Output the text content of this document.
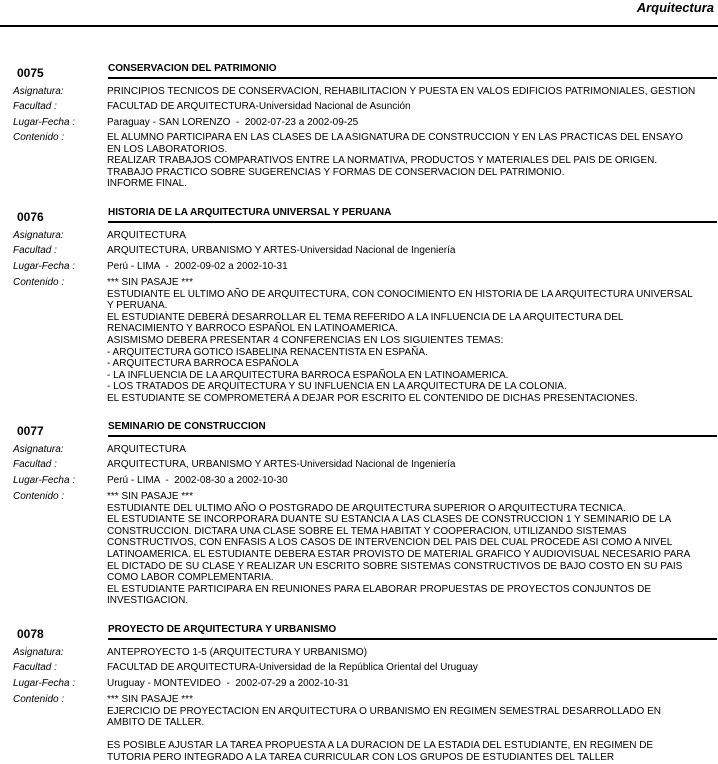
Arquitectura
0075	CONSERVACION DEL PATRIMONIO
Asignatura:	PRINCIPIOS TECNICOS DE CONSERVACION, REHABILITACION Y PUESTA EN VALOS EDIFICIOS PATRIMONIALES, GESTION
Facultad :	FACULTAD DE ARQUITECTURA-Universidad Nacional de Asunción
Lugar-Fecha :	Paraguay - SAN LORENZO  -  2002-07-23 a 2002-09-25
Contenido :	EL ALUMNO PARTICIPARA EN LAS CLASES DE LA ASIGNATURA DE CONSTRUCCION Y EN LAS PRACTICAS DEL ENSAYO
EN LOS LABORATORIOS.
REALIZAR TRABAJOS COMPARATIVOS ENTRE LA NORMATIVA, PRODUCTOS Y MATERIALES DEL PAIS DE ORIGEN.
TRABAJO PRACTICO SOBRE SUGERENCIAS Y FORMAS DE CONSERVACION DEL PATRIMONIO.
INFORME FINAL.
0076	HISTORIA DE LA ARQUITECTURA UNIVERSAL Y PERUANA
Asignatura:	ARQUITECTURA
Facultad :	ARQUITECTURA, URBANISMO Y ARTES-Universidad Nacional de Ingeniería
Lugar-Fecha :	Perú - LIMA  -  2002-09-02 a 2002-10-31
Contenido :	*** SIN PASAJE ***
ESTUDIANTE EL ULTIMO AÑO DE ARQUITECTURA, CON CONOCIMIENTO EN HISTORIA DE LA ARQUITECTURA UNIVERSAL
Y PERUANA.
EL ESTUDIANTE DEBERÁ DESARROLLAR EL TEMA REFERIDO A LA INFLUENCIA DE LA ARQUITECTURA DEL
RENACIMIENTO Y BARROCO ESPAÑOL EN LATINOAMERICA.
ASISMISMO DEBERA PRESENTAR 4 CONFERENCIAS EN LOS SIGUIENTES TEMAS:
- ARQUITECTURA GOTICO ISABELINA RENACENTISTA EN ESPAÑA.
- ARQUITECTURA BARROCA ESPAÑOLA
- LA INFLUENCIA DE LA ARQUITECTURA BARROCA ESPAÑOLA EN LATINOAMERICA.
- LOS TRATADOS DE ARQUITECTURA Y SU INFLUENCIA EN LA ARQUITECTURA DE LA COLONIA.
EL ESTUDIANTE SE COMPROMETERÁ A DEJAR POR ESCRITO EL CONTENIDO DE DICHAS PRESENTACIONES.
0077	SEMINARIO DE CONSTRUCCION
Asignatura:	ARQUITECTURA
Facultad :	ARQUITECTURA, URBANISMO Y ARTES-Universidad Nacional de Ingeniería
Lugar-Fecha :	Perú - LIMA  -  2002-08-30 a 2002-10-30
Contenido :	*** SIN PASAJE ***
ESTUDIANTE DEL ULTIMO AÑO O POSTGRADO DE ARQUITECTURA SUPERIOR O ARQUITECTURA TECNICA.
EL ESTUDIANTE SE INCORPORARA DUANTE SU ESTANCIA A LAS CLASES DE CONSTRUCCION 1 Y SEMINARIO DE LA
CONSTRUCCION. DICTARA UNA CLASE SOBRE EL TEMA HABITAT Y COOPERACION, UTILIZANDO SISTEMAS
CONSTRUCTIVOS, CON ENFASIS A LOS CASOS DE INTERVENCION DEL PAIS DEL CUAL PROCEDE ASI COMO A NIVEL
LATINOAMERICA. EL ESTUDIANTE DEBERA ESTAR PROVISTO DE MATERIAL GRAFICO Y AUDIOVISUAL NECESARIO PARA
EL DICTADO DE SU CLASE Y REALIZAR UN ESCRITO SOBRE SISTEMAS CONSTRUCTIVOS DE BAJO COSTO EN SU PAIS
COMO LABOR COMPLEMENTARIA.
EL ESTUDIANTE PARTICIPARA EN REUNIONES PARA ELABORAR PROPUESTAS DE PROYECTOS CONJUNTOS DE
INVESTIGACION.
0078	PROYECTO DE ARQUITECTURA Y URBANISMO
Asignatura:	ANTEPROYECTO 1-5 (ARQUITECTURA Y URBANISMO)
Facultad :	FACULTAD DE ARQUITECTURA-Universidad de la República Oriental del Uruguay
Lugar-Fecha :	Uruguay - MONTEVIDEO  -  2002-07-29 a 2002-10-31
Contenido :	*** SIN PASAJE ***
EJERCICIO DE PROYECTACION EN ARQUITECTURA O URBANISMO EN REGIMEN SEMESTRAL DESARROLLADO EN
AMBITO DE TALLER.

ES POSIBLE AJUSTAR LA TAREA PROPUESTA A LA DURACION DE LA ESTADIA DEL ESTUDIANTE, EN REGIMEN DE
TUTORIA PERO INTEGRADO A LA TAREA CURRICULAR CON LOS GRUPOS DE ESTUDIANTES DEL TALLER
